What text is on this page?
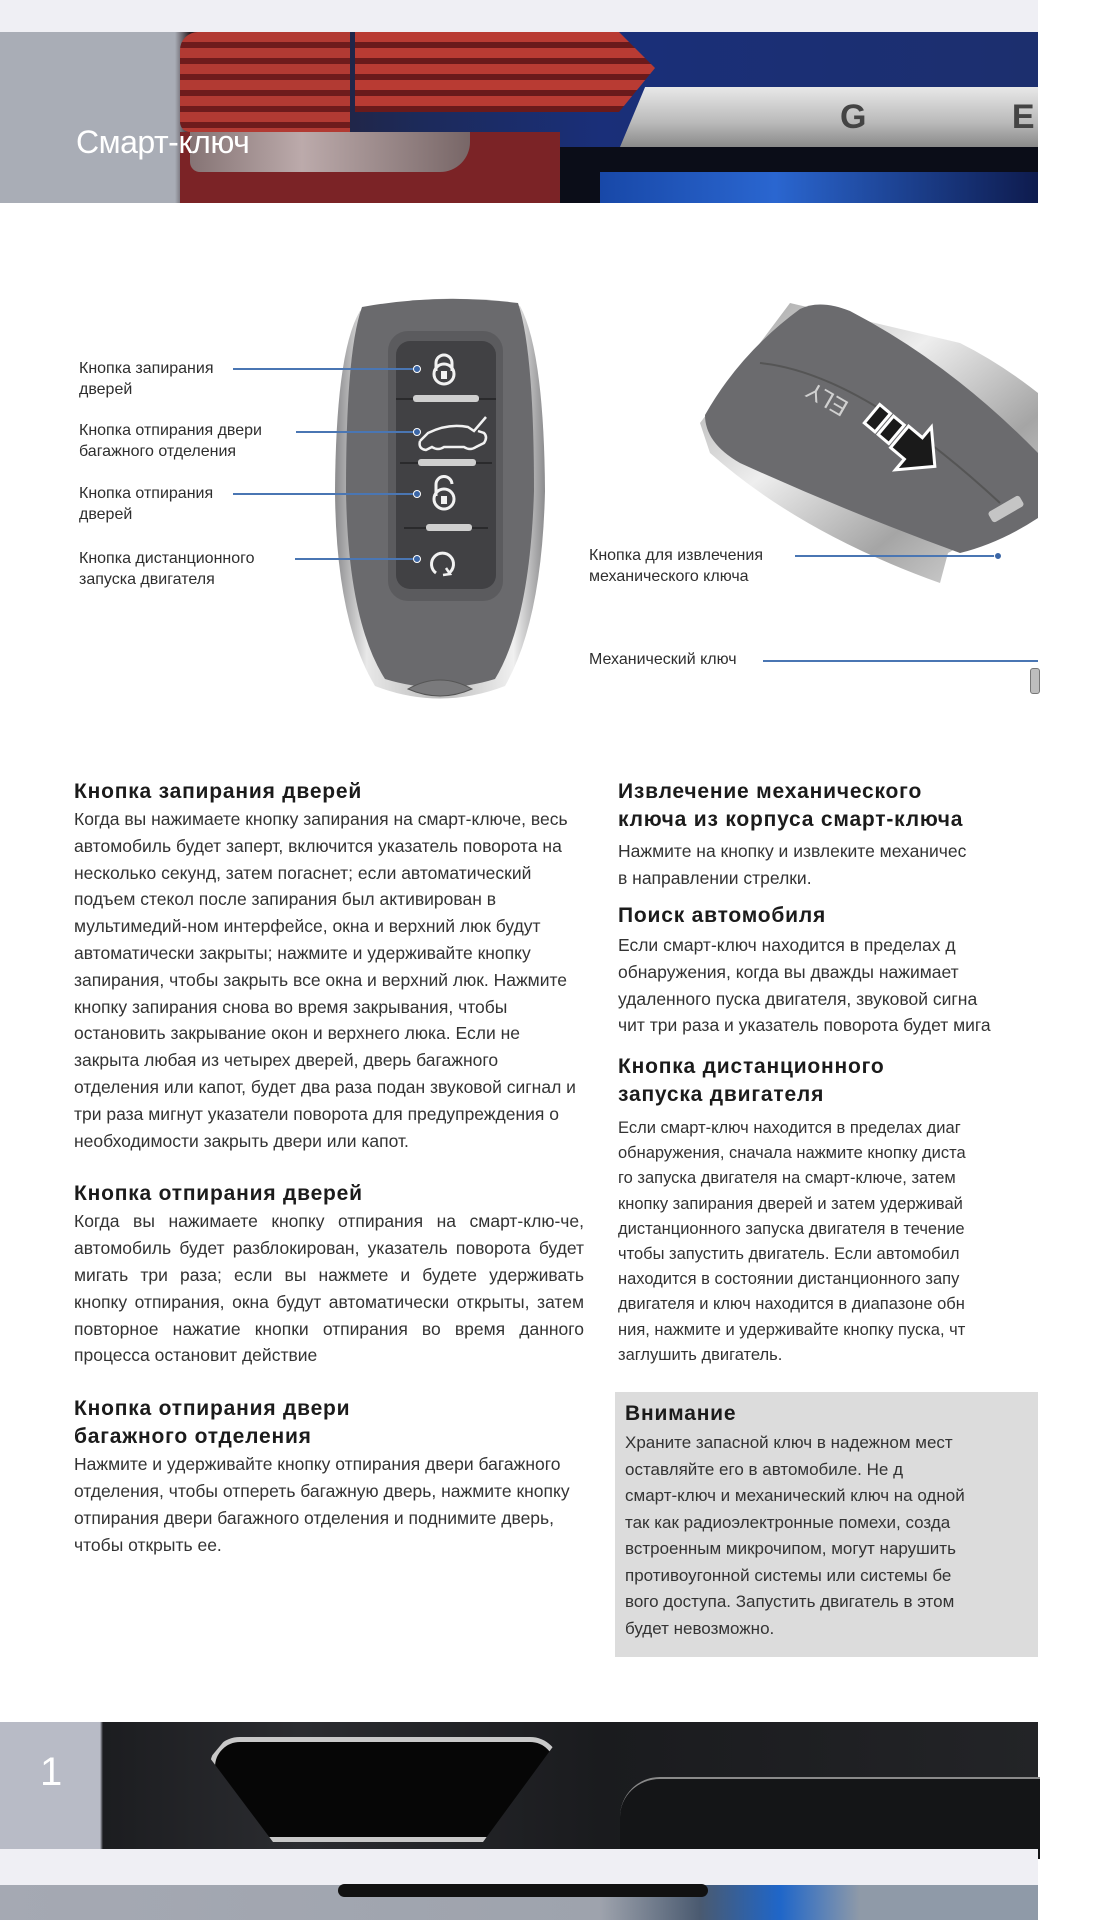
G E
Смарт-ключ
Кнопка запирания
дверей
Кнопка отпирания двери
багажного отделения
Кнопка отпирания
дверей
Кнопка дистанционного
запуска двигателя
ELY
Кнопка для извлечения
механического ключа
Механический ключ
Кнопка запирания дверей

Когда вы нажимаете кнопку запирания на смарт-ключе, весь автомобиль будет заперт, включится указатель поворота на несколько секунд, затем погаснет; если автоматический подъем стекол после запирания был активирован в мультимедий-ном интерфейсе, окна и верхний люк будут автоматически закрыты; нажмите и удерживайте кнопку запирания, чтобы закрыть все окна и верхний люк. Нажмите кнопку запирания снова во время закрывания, чтобы остановить закрывание окон и верхнего люка. Если не закрыта любая из четырех дверей, дверь багажного отделения или капот, будет два раза подан звуковой сигнал и три раза мигнут указатели поворота для предупреждения о необходимости закрыть двери или капот.

Кнопка отпирания дверей

Когда вы нажимаете кнопку отпирания на смарт-клю-че, автомобиль будет разблокирован, указатель поворота будет мигать три раза; если вы нажмете и будете удерживать кнопку отпирания, окна будут автоматически открыты, затем повторное нажатие кнопки отпирания во время данного процесса остановит действие

Кнопка отпирания двери
багажного отделения

Нажмите и удерживайте кнопку отпирания двери багажного отделения, чтобы отпереть багажную дверь, нажмите кнопку отпирания двери багажного отделения и поднимите дверь, чтобы открыть ее.

Извлечение механического
ключа из корпуса смарт-ключа

Нажмите на кнопку и извлеките механичес
в направлении стрелки.

Поиск автомобиля

Если смарт-ключ находится в пределах д
обнаружения, когда вы дважды нажимает
удаленного пуска двигателя, звуковой сигна
чит три раза и указатель поворота будет мига

Кнопка дистанционного
запуска двигателя

Если смарт-ключ находится в пределах диаг
обнаружения, сначала нажмите кнопку диста
го запуска двигателя на смарт-ключе, затем
кнопку запирания дверей и затем удерживай
дистанционного запуска двигателя в течение
чтобы запустить двигатель. Если автомобил
находится в состоянии дистанционного запу
двигателя и ключ находится в диапазоне обн
ния, нажмите и удерживайте кнопку пуска, чт
заглушить двигатель.

Внимание

Храните запасной ключ в надежном мест
оставляйте его в автомобиле. Не д
смарт-ключ и механический ключ на одной
так как радиоэлектронные помехи, созда
встроенным микрочипом, могут нарушить
противоугонной системы или системы бе
вого доступа. Запустить двигатель в этом
будет невозможно.

1
